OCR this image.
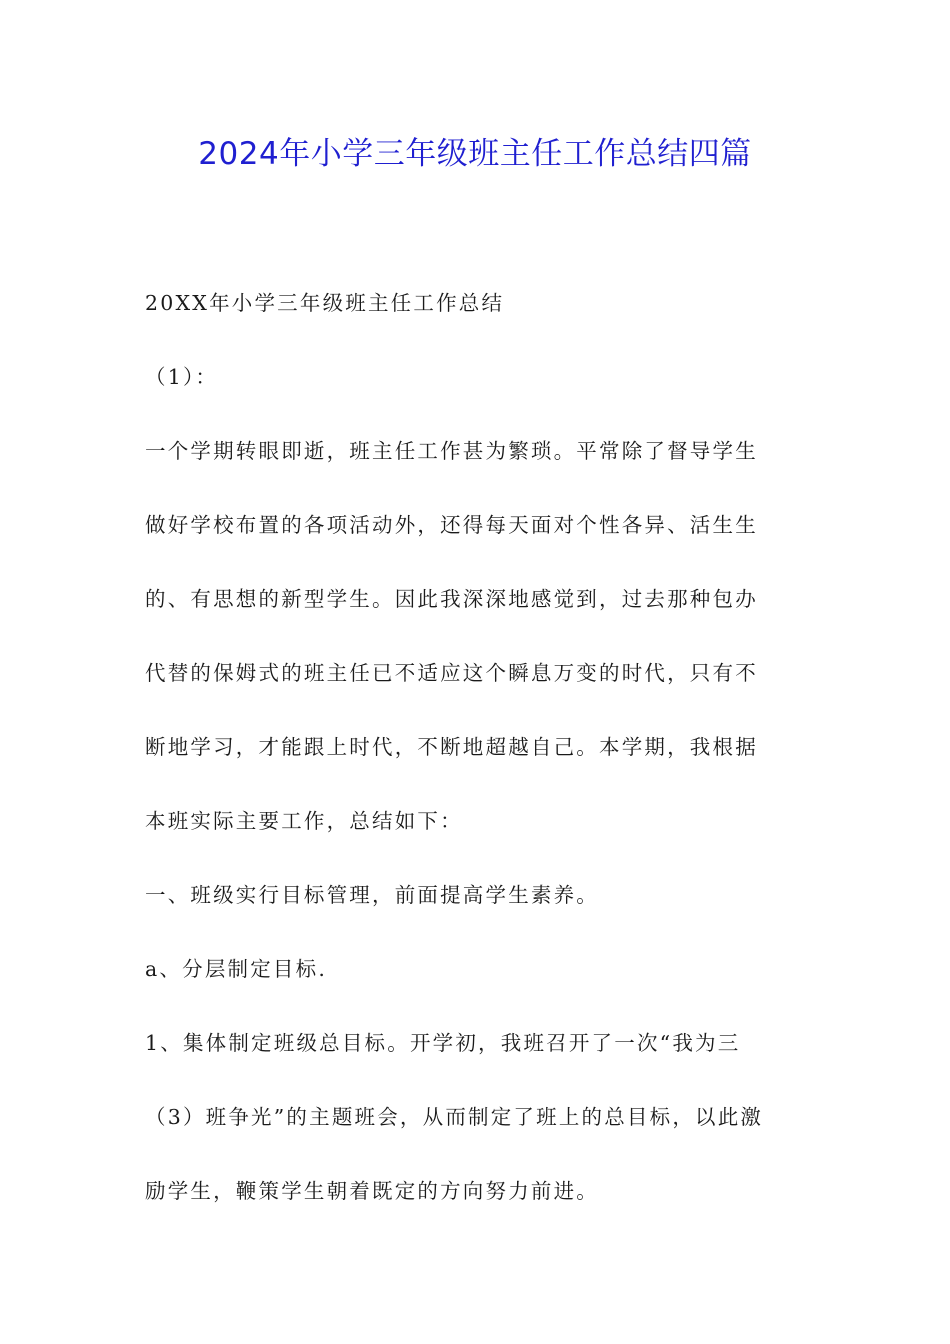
2024年小学三年级班主任工作总结四篇

20XX年小学三年级班主任工作总结

（1）：

一个学期转眼即逝，班主任工作甚为繁琐。平常除了督导学生

做好学校布置的各项活动外，还得每天面对个性各异、活生生

的、有思想的新型学生。因此我深深地感觉到，过去那种包办

代替的保姆式的班主任已不适应这个瞬息万变的时代，只有不

断地学习，才能跟上时代，不断地超越自己。本学期，我根据

本班实际主要工作，总结如下：

一、班级实行目标管理，前面提高学生素养。

a、分层制定目标.

1、集体制定班级总目标。开学初，我班召开了一次“我为三

（3）班争光”的主题班会，从而制定了班上的总目标，以此激

励学生，鞭策学生朝着既定的方向努力前进。
